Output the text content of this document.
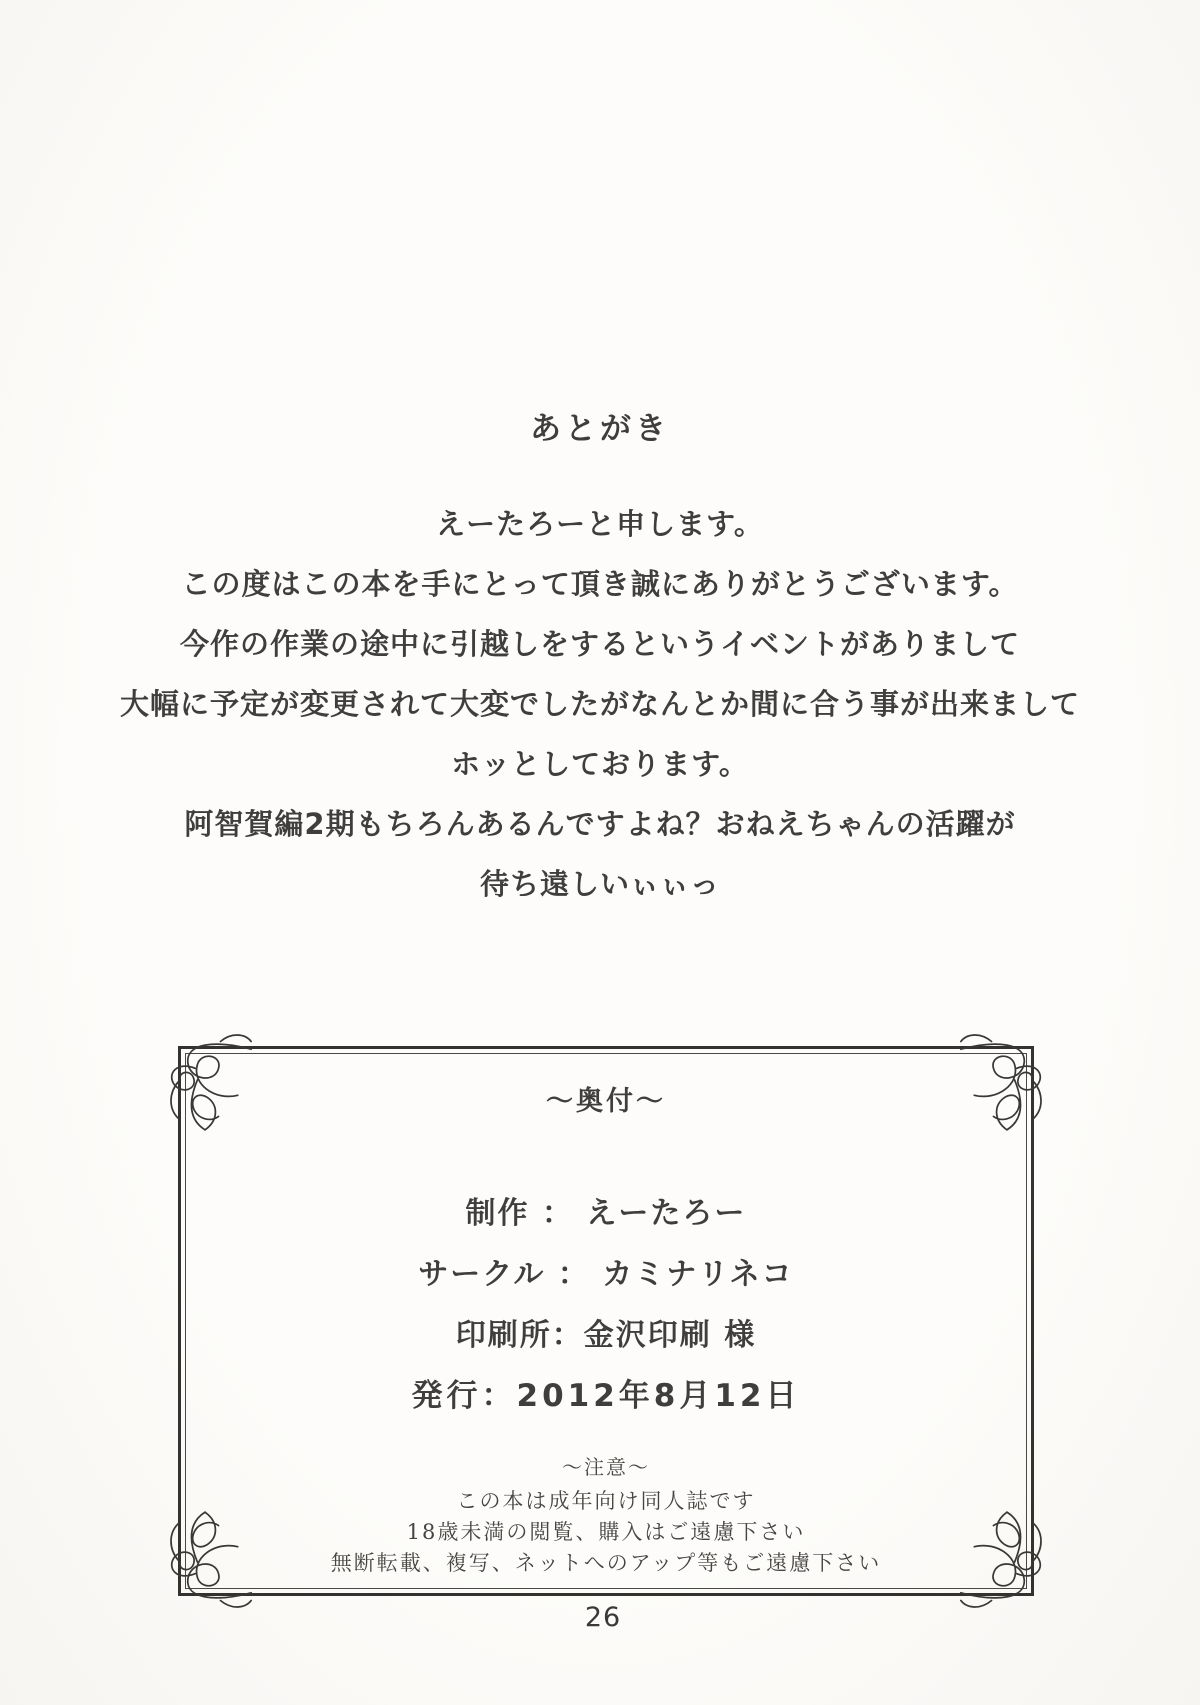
あとがき

えーたろーと申します。

この度はこの本を手にとって頂き誠にありがとうございます。

今作の作業の途中に引越しをするというイベントがありまして

大幅に予定が変更されて大変でしたがなんとか間に合う事が出来まして

ホッとしております。

阿智賀編2期もちろんあるんですよね？おねえちゃんの活躍が

待ち遠しいぃぃっ

～奥付～

制作 ： えーたろー

サークル ： カミナリネコ

印刷所：金沢印刷 様

発行：2012年8月12日

～注意～

この本は成年向け同人誌です

18歳未満の閲覧、購入はご遠慮下さい

無断転載、複写、ネットへのアップ等もご遠慮下さい

26
